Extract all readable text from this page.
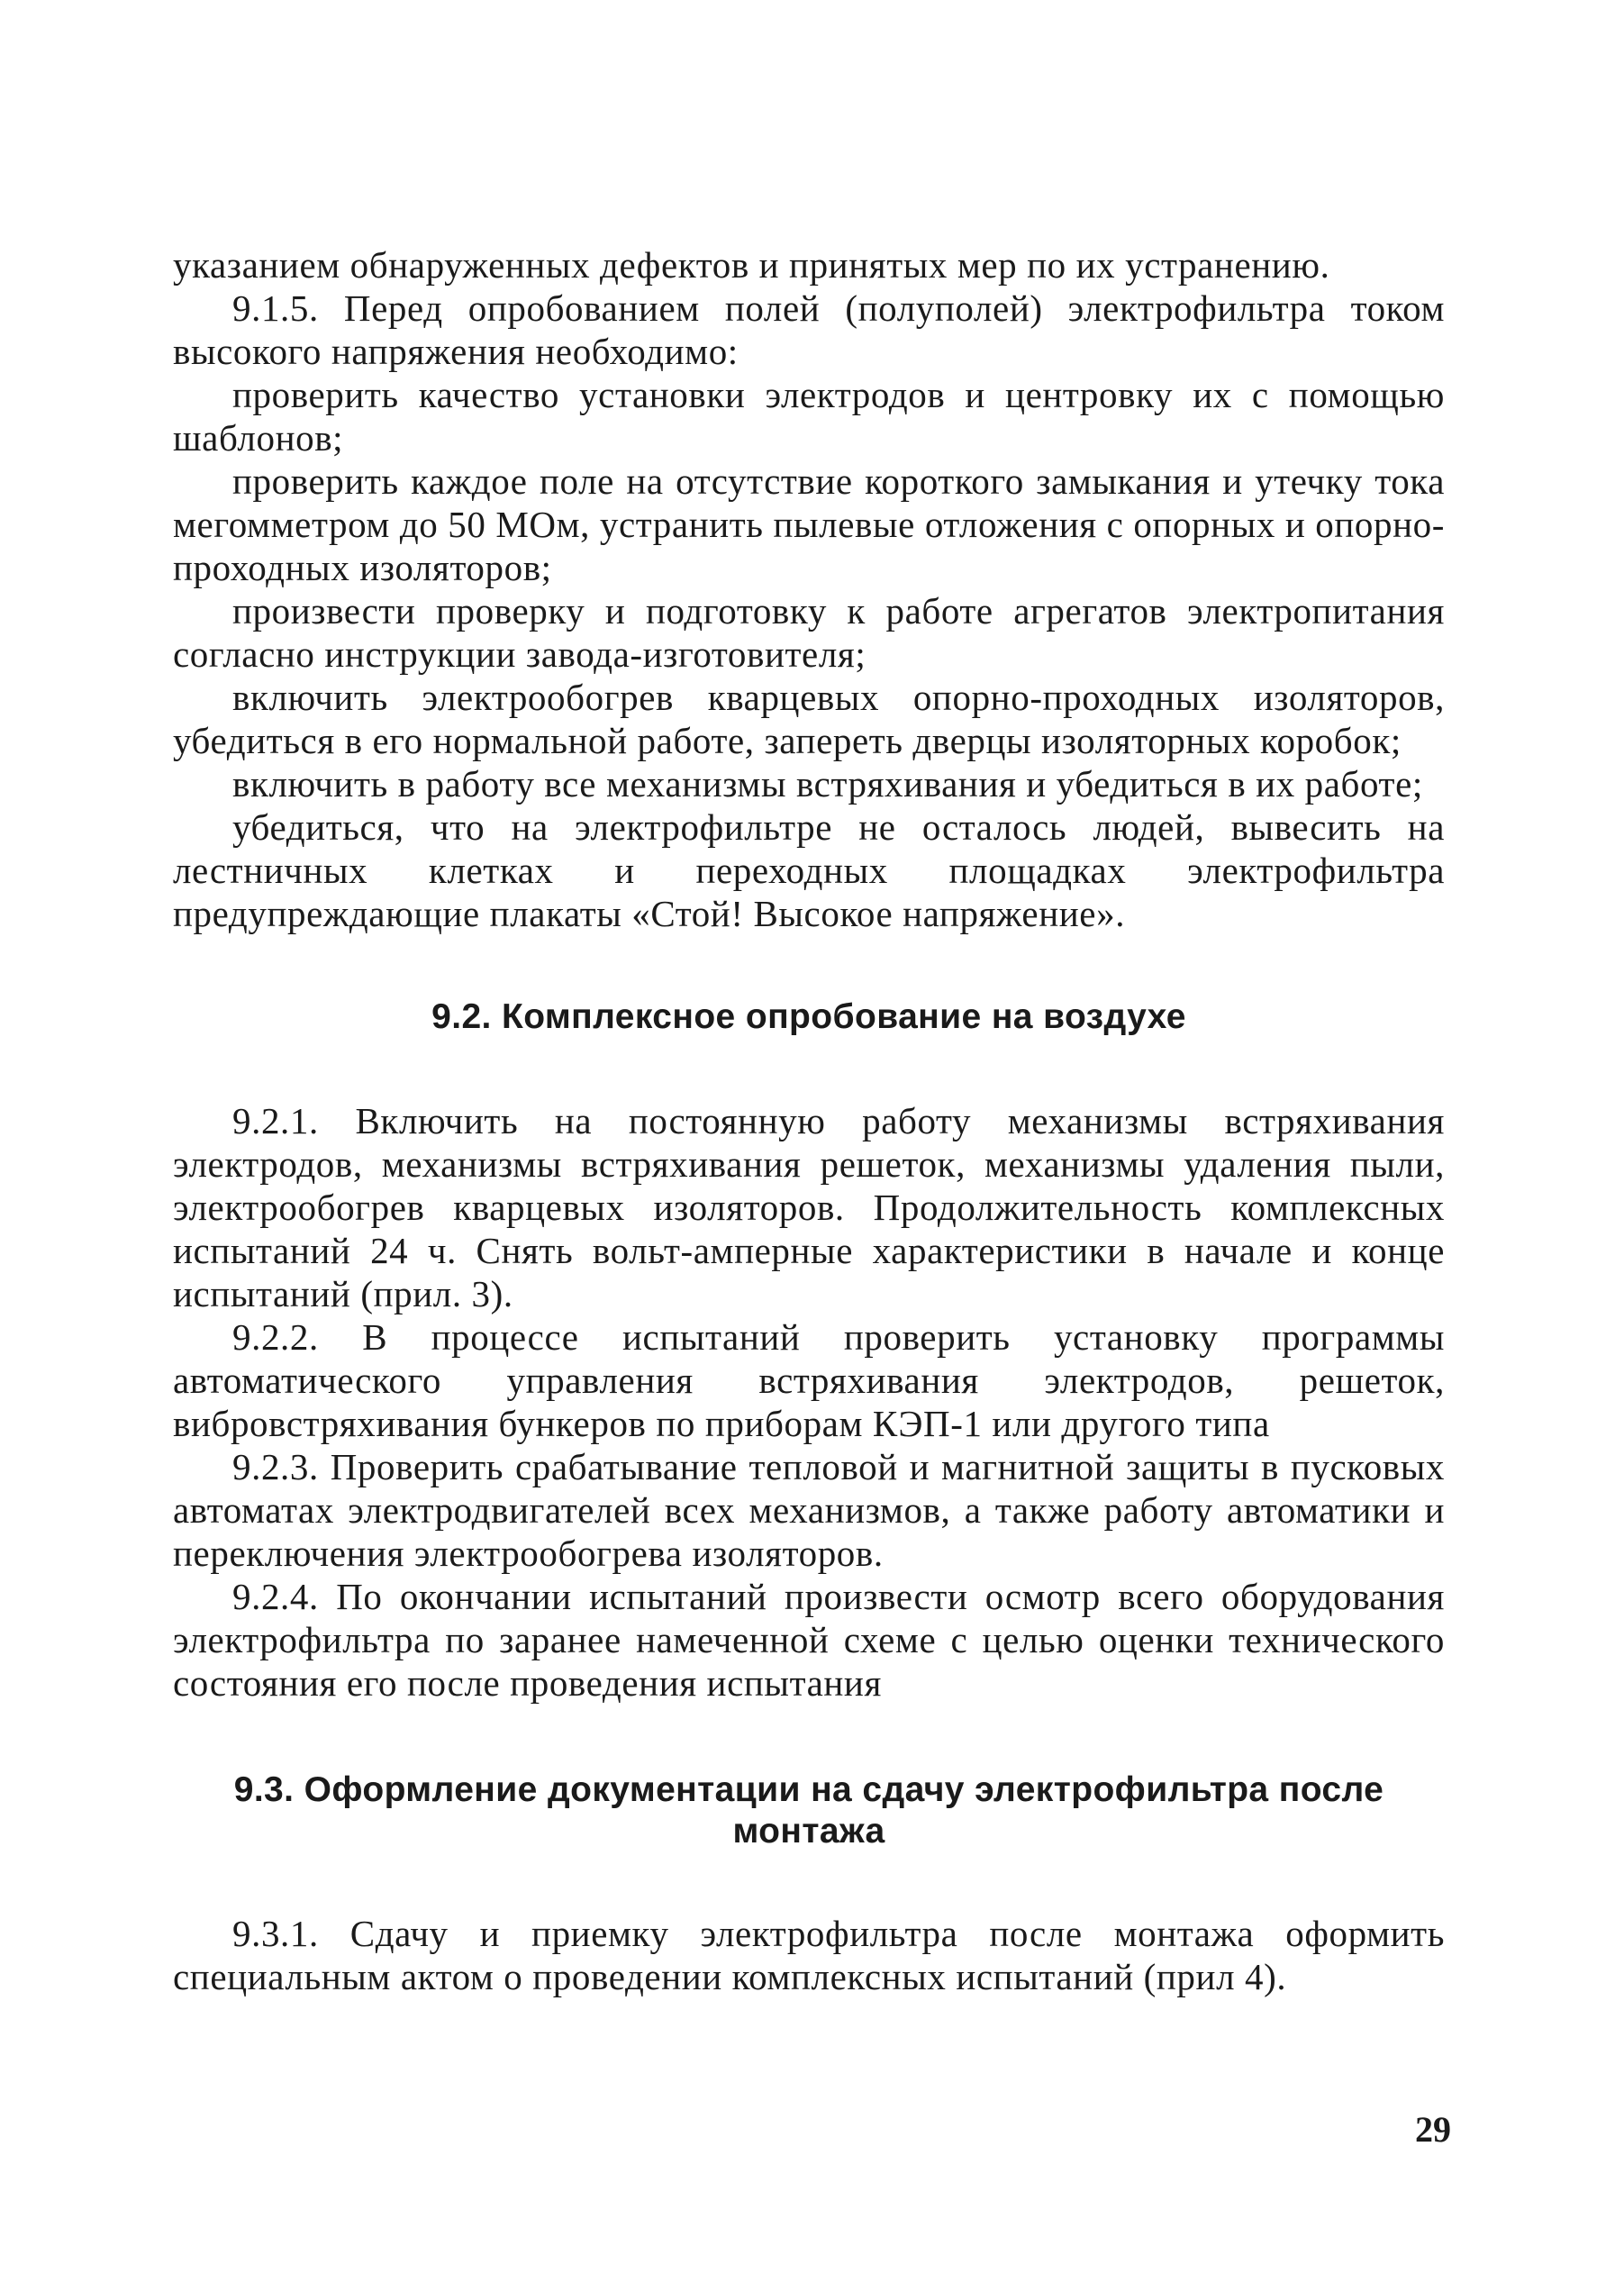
указанием обнаруженных дефектов и принятых мер по их устранению.

9.1.5. Перед опробованием полей (полуполей) электрофильтра током высокого напряжения необходимо:

проверить качество установки электродов и центровку их с помощью шаблонов;

проверить каждое поле на отсутствие короткого замыкания и утечку тока мегомметром до 50 МОм, устранить пылевые отложения с опорных и опорно-проходных изоляторов;

произвести проверку и подготовку к работе агрегатов электропитания согласно инструкции завода-изготовителя;

включить электрообогрев кварцевых опорно-проходных изоляторов, убедиться в его нормальной работе, запереть дверцы изоляторных коробок;

включить в работу все механизмы встряхивания и убедиться в их работе;

убедиться, что на электрофильтре не осталось людей, вывесить на лестничных клетках и переходных площадках электрофильтра предупреждающие плакаты «Стой! Высокое напряжение».

9.2. Комплексное опробование на воздухе

9.2.1. Включить на постоянную работу механизмы встряхивания электродов, механизмы встряхивания решеток, механизмы удаления пыли, электрообогрев кварцевых изоляторов. Продолжительность комплексных испытаний 24 ч. Снять вольт-амперные характеристики в начале и конце испытаний (прил. 3).

9.2.2. В процессе испытаний проверить установку программы автоматического управления встряхивания электродов, решеток, вибровстряхивания бункеров по приборам КЭП-1 или другого типа

9.2.3. Проверить срабатывание тепловой и магнитной защиты в пусковых автоматах электродвигателей всех механизмов, а также работу автоматики и переключения электрообогрева изоляторов.

9.2.4. По окончании испытаний произвести осмотр всего оборудования электрофильтра по заранее намеченной схеме с целью оценки технического состояния его после проведения испытания

9.3. Оформление документации на сдачу электрофильтра после монтажа

9.3.1. Сдачу и приемку электрофильтра после монтажа оформить специальным актом о проведении комплексных испытаний (прил 4).

29
